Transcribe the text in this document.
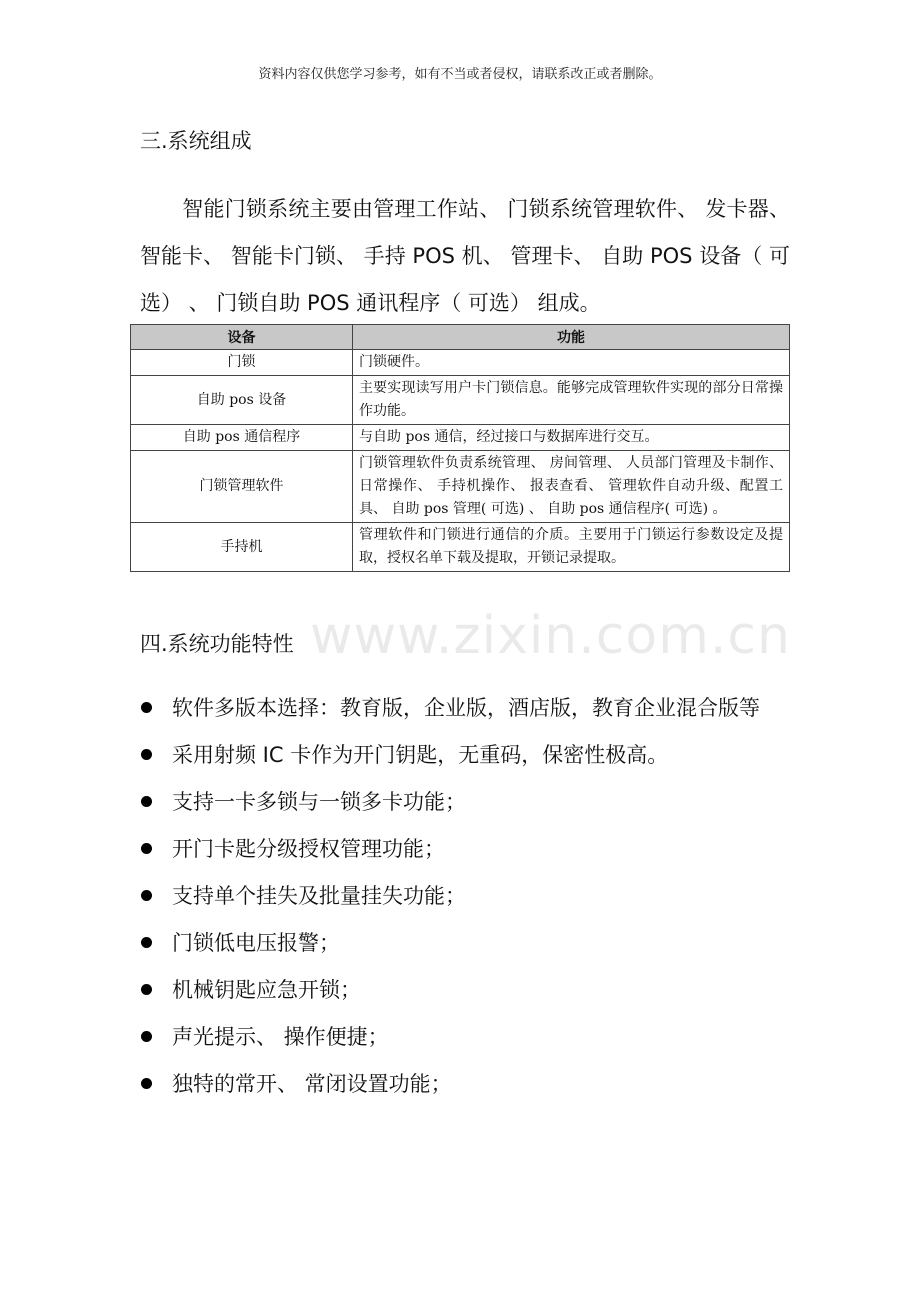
资料内容仅供您学习参考，如有不当或者侵权，请联系改正或者删除。
三.系统组成
智能门锁系统主要由管理工作站、 门锁系统管理软件、 发卡器、 智能卡、 智能卡门锁、 手持 POS 机、 管理卡、 自助 POS 设备（ 可选） 、 门锁自助 POS 通讯程序（ 可选） 组成。
设备	功能
门锁	门锁硬件。
自助 pos 设备	主要实现读写用户卡门锁信息。能够完成管理软件实现的部分日常操作功能。
自助 pos 通信程序	与自助 pos 通信，经过接口与数据库进行交互。
门锁管理软件	门锁管理软件负责系统管理、 房间管理、 人员部门管理及卡制作、 日常操作、 手持机操作、 报表查看、 管理软件自动升级、配置工具、 自助 pos 管理( 可选) 、 自助 pos 通信程序( 可选) 。
手持机	管理软件和门锁进行通信的介质。主要用于门锁运行参数设定及提取，授权名单下载及提取，开锁记录提取。
www.zixin.com.cn
四.系统功能特性
软件多版本选择：教育版，企业版，酒店版，教育企业混合版等
采用射频 IC 卡作为开门钥匙，无重码，保密性极高。
支持一卡多锁与一锁多卡功能；
开门卡匙分级授权管理功能；
支持单个挂失及批量挂失功能；
门锁低电压报警；
机械钥匙应急开锁；
声光提示、 操作便捷；
独特的常开、 常闭设置功能；
